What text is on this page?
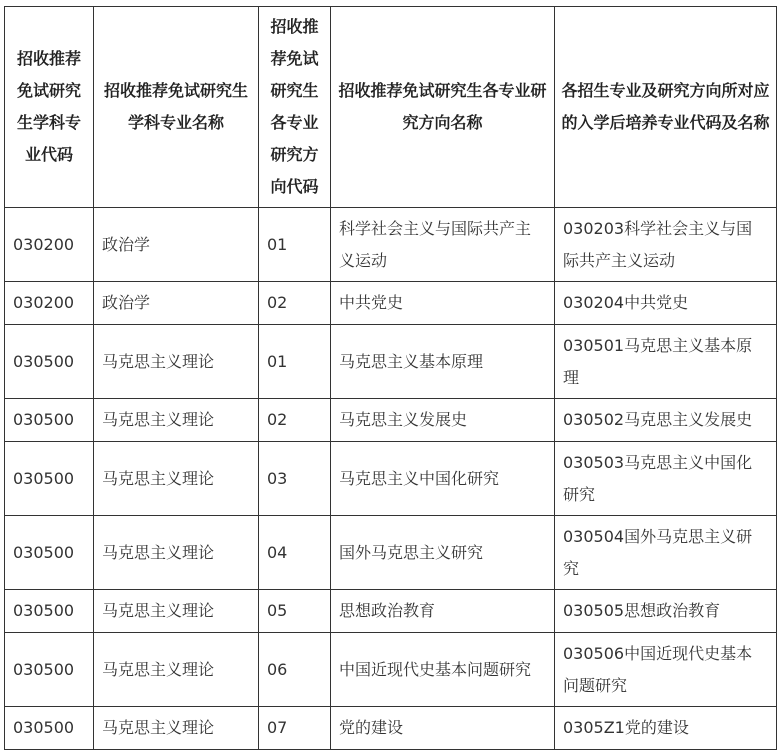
招收推荐免试研究生学科专业代码	招收推荐免试研究生学科专业名称	招收推荐免试研究生各专业研究方向代码	招收推荐免试研究生各专业研究方向名称	各招生专业及研究方向所对应的入学后培养专业代码及名称
030200	政治学	01	科学社会主义与国际共产主义运动	030203科学社会主义与国际共产主义运动
030200	政治学	02	中共党史	030204中共党史
030500	马克思主义理论	01	马克思主义基本原理	030501马克思主义基本原理
030500	马克思主义理论	02	马克思主义发展史	030502马克思主义发展史
030500	马克思主义理论	03	马克思主义中国化研究	030503马克思主义中国化研究
030500	马克思主义理论	04	国外马克思主义研究	030504国外马克思主义研究
030500	马克思主义理论	05	思想政治教育	030505思想政治教育
030500	马克思主义理论	06	中国近现代史基本问题研究	030506中国近现代史基本问题研究
030500	马克思主义理论	07	党的建设	0305Z1党的建设
